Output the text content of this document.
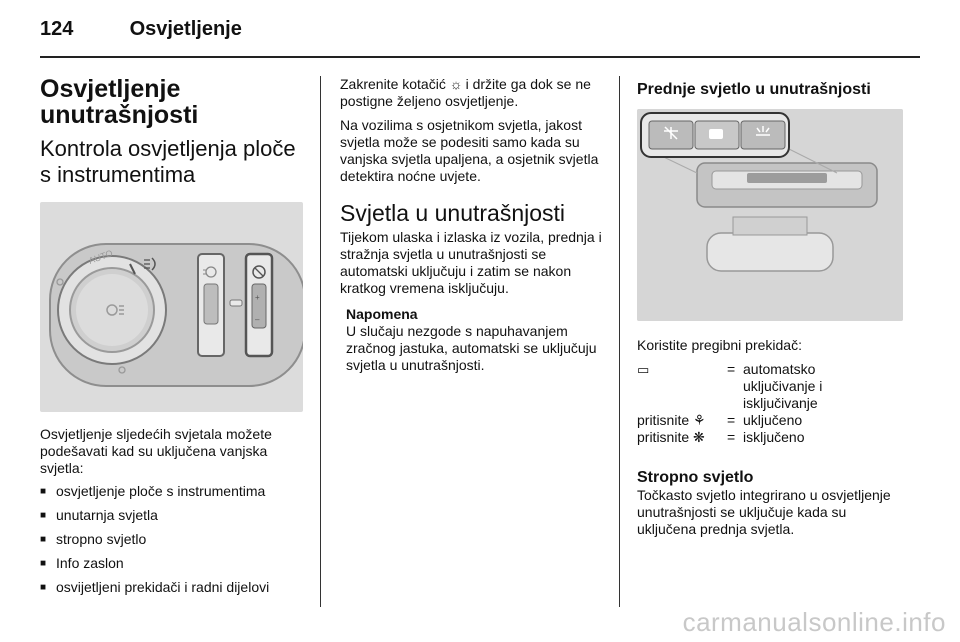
124	Osvjetljenje
Osvjetljenje
unutrašnjosti
Kontrola osvjetljenja ploče
s instrumentima
AUTO
+
–

Osvjetljenje sljedećih svjetala možete podešavati kad su uključena vanjska svjetla:

■ osvjetljenje ploče s instrumentima
■ unutarnja svjetla
■ stropno svjetlo
■ Info zaslon
■ osvijetljeni prekidači i radni dijelovi

Zakrenite kotačić ☼ i držite ga dok se ne postigne željeno osvjetljenje.

Na vozilima s osjetnikom svjetla, jakost svjetla može se podesiti samo kada su vanjska svjetla upaljena, a osjetnik svjetla detektira noćne uvjete.

Svjetla u unutrašnjosti

Tijekom ulaska i izlaska iz vozila, prednja i stražnja svjetla u unutrašnjosti se automatski uključuju i zatim se nakon kratkog vremena isključuju.

Napomena

U slučaju nezgode s napuhavanjem zračnog jastuka, automatski se uključuju svjetla u unutrašnjosti.

Prednje svjetlo u unutrašnjosti

Koristite pregibni prekidač:

▭	=	automatsko uključivanje i isključivanje
pritisnite ⚘	=	uključeno
pritisnite ❋	=	isključeno
Stropno svjetlo

Točkasto svjetlo integrirano u osvjetljenje unutrašnjosti se uključuje kada su uključena prednja svjetla.

carmanualsonline.info
